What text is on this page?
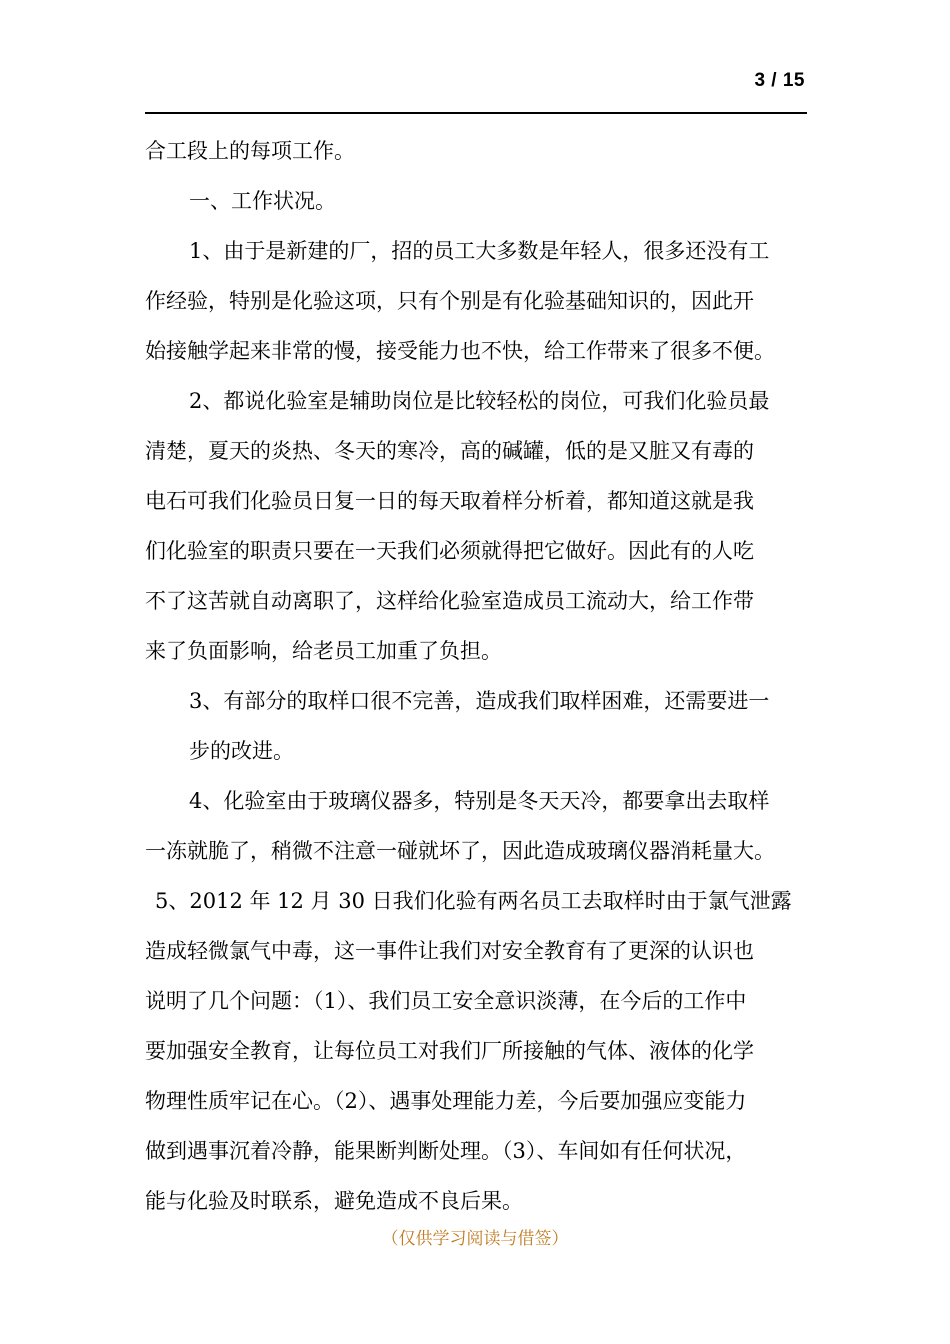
3 / 15
合工段上的每项工作。
一、工作状况。
1、由于是新建的厂，招的员工大多数是年轻人，很多还没有工
作经验，特别是化验这项，只有个别是有化验基础知识的，因此开
始接触学起来非常的慢，接受能力也不快，给工作带来了很多不便。
2、都说化验室是辅助岗位是比较轻松的岗位，可我们化验员最
清楚，夏天的炎热、冬天的寒冷，高的碱罐，低的是又脏又有毒的
电石可我们化验员日复一日的每天取着样分析着，都知道这就是我
们化验室的职责只要在一天我们必须就得把它做好。因此有的人吃
不了这苦就自动离职了，这样给化验室造成员工流动大，给工作带
来了负面影响，给老员工加重了负担。
3、有部分的取样口很不完善，造成我们取样困难，还需要进一
步的改进。
4、化验室由于玻璃仪器多，特别是冬天天冷，都要拿出去取样
一冻就脆了，稍微不注意一碰就坏了，因此造成玻璃仪器消耗量大。
5、2012 年 12 月 30 日我们化验有两名员工去取样时由于氯气泄露
造成轻微氯气中毒，这一事件让我们对安全教育有了更深的认识也
说明了几个问题：（1）、我们员工安全意识淡薄，在今后的工作中
要加强安全教育，让每位员工对我们厂所接触的气体、液体的化学
物理性质牢记在心。（2）、遇事处理能力差，今后要加强应变能力
做到遇事沉着冷静，能果断判断处理。（3）、车间如有任何状况，
能与化验及时联系，避免造成不良后果。
（仅供学习阅读与借签）
